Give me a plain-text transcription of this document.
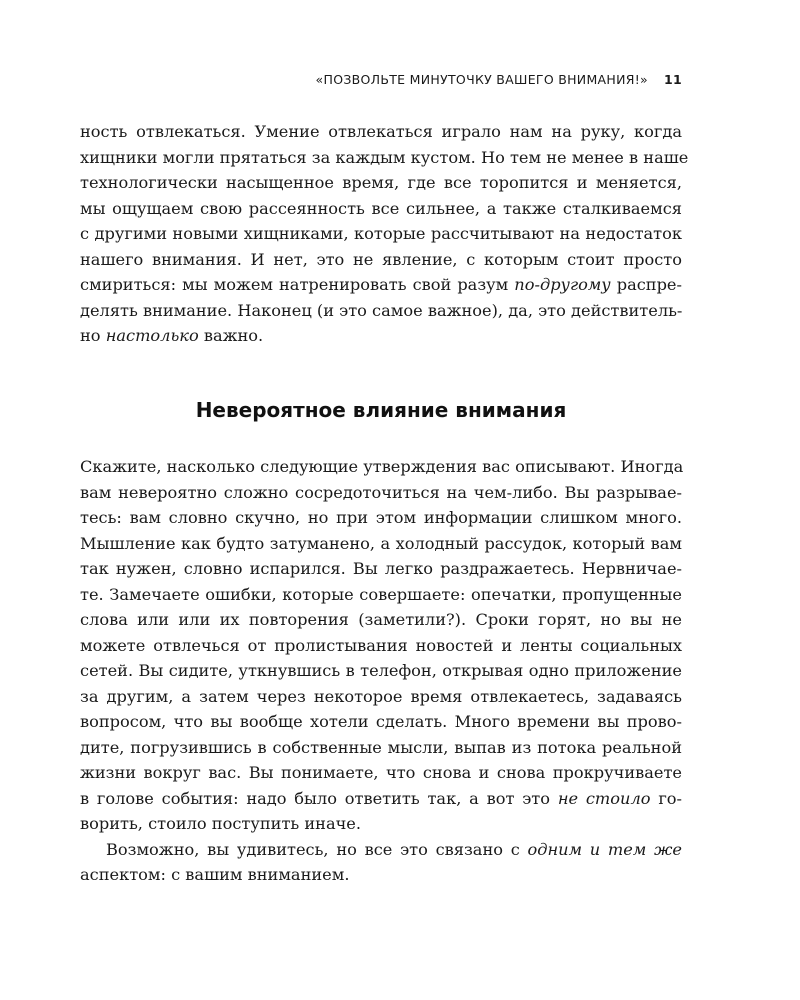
«ПОЗВОЛЬТЕ МИНУТОЧКУ ВАШЕГО ВНИМАНИЯ!» 11
ность отвлекаться. Умение отвлекаться играло нам на руку, когда
хищники могли прятаться за каждым кустом. Но тем не менее в наше
технологически насыщенное время, где все торопится и меняется,
мы ощущаем свою рассеянность все сильнее, а также сталкиваемся
с другими новыми хищниками, которые рассчитывают на недостаток
нашего внимания. И нет, это не явление, с которым стоит просто
смириться: мы можем натренировать свой разум по-другому распре-
делять внимание. Наконец (и это самое важное), да, это действитель-
но настолько важно.
Невероятное влияние внимания
Скажите, насколько следующие утверждения вас описывают. Иногда
вам невероятно сложно сосредоточиться на чем-либо. Вы разрывае-
тесь: вам словно скучно, но при этом информации слишком много.
Мышление как будто затуманено, а холодный рассудок, который вам
так нужен, словно испарился. Вы легко раздражаетесь. Нервничае-
те. Замечаете ошибки, которые совершаете: опечатки, пропущенные
слова или или их повторения (заметили?). Сроки горят, но вы не
можете отвлечься от пролистывания новостей и ленты социальных
сетей. Вы сидите, уткнувшись в телефон, открывая одно приложение
за другим, а затем через некоторое время отвлекаетесь, задаваясь
вопросом, что вы вообще хотели сделать. Много времени вы прово-
дите, погрузившись в собственные мысли, выпав из потока реальной
жизни вокруг вас. Вы понимаете, что снова и снова прокручиваете
в голове события: надо было ответить так, а вот это не стоило го-
ворить, стоило поступить иначе.
Возможно, вы удивитесь, но все это связано с одним и тем же
аспектом: с вашим вниманием.
